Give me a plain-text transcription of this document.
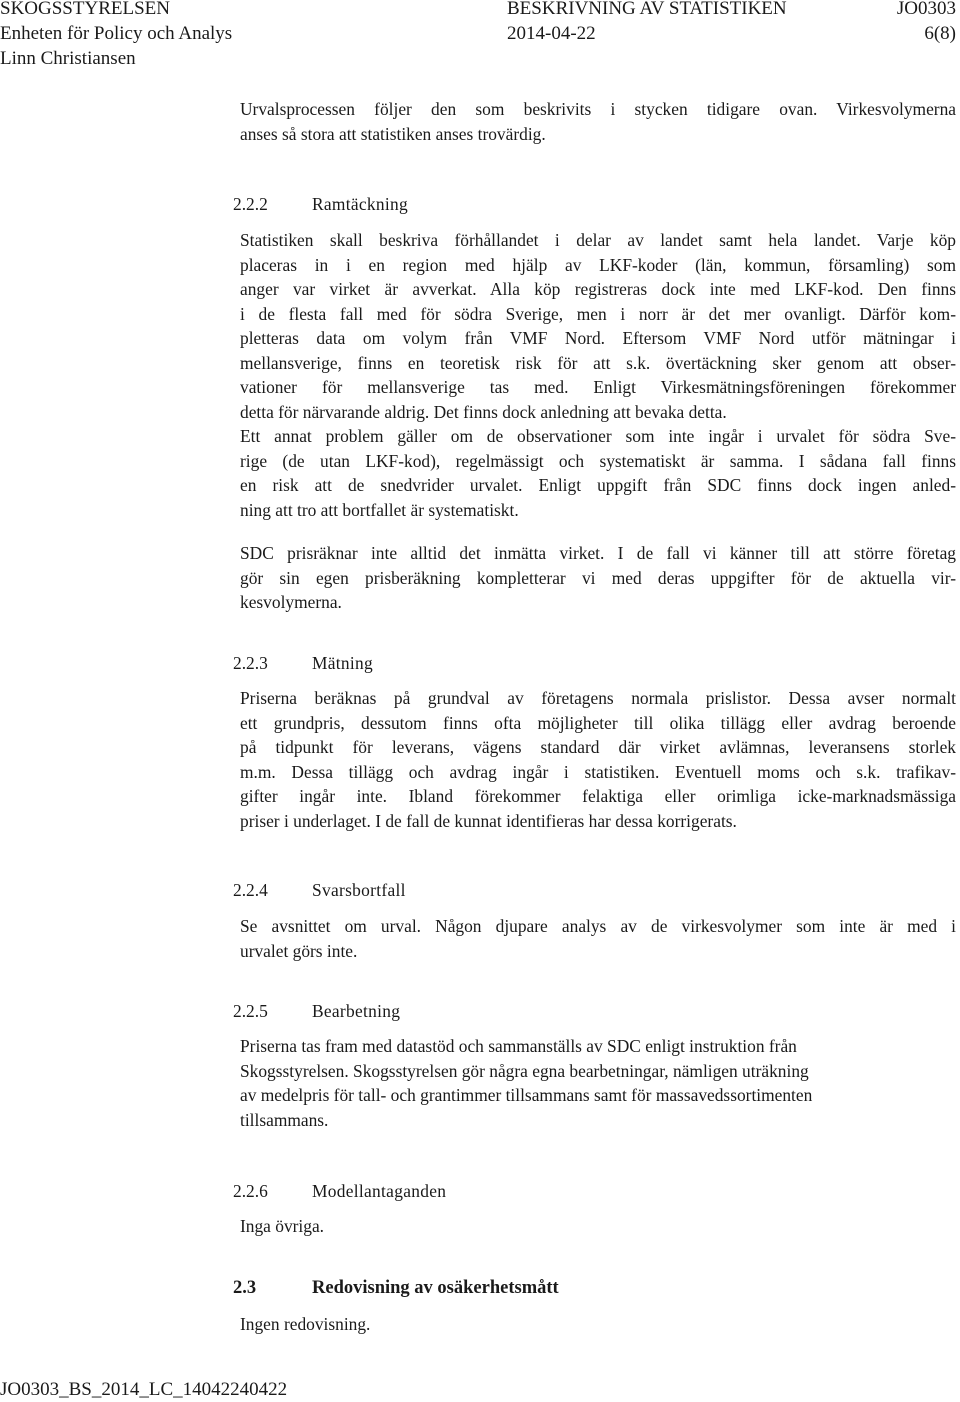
SKOGSSTYRELSEN	BESKRIVNING AV STATISTIKEN	JO0303
Enheten för Policy och Analys	2014-04-22	6(8)
Linn Christiansen
Urvalsprocessen följer den som beskrivits i stycken tidigare ovan. Virkesvolymerna
anses så stora att statistiken anses trovärdig.
2.2.2	Ramtäckning
Statistiken skall beskriva förhållandet i delar av landet samt hela landet. Varje köp
placeras in i en region med hjälp av LKF-koder (län, kommun, församling) som
anger var virket är avverkat. Alla köp registreras dock inte med LKF-kod. Den finns
i de flesta fall med för södra Sverige, men i norr är det mer ovanligt. Därför kom-
pletteras data om volym från VMF Nord. Eftersom VMF Nord utför mätningar i
mellansverige, finns en teoretisk risk för att s.k. övertäckning sker genom att obser-
vationer för mellansverige tas med. Enligt Virkesmätningsföreningen förekommer
detta för närvarande aldrig. Det finns dock anledning att bevaka detta.
Ett annat problem gäller om de observationer som inte ingår i urvalet för södra Sve-
rige (de utan LKF-kod), regelmässigt och systematiskt är samma. I sådana fall finns
en risk att de snedvrider urvalet. Enligt uppgift från SDC finns dock ingen anled-
ning att tro att bortfallet är systematiskt.
SDC prisräknar inte alltid det inmätta virket. I de fall vi känner till att större företag
gör sin egen prisberäkning kompletterar vi med deras uppgifter för de aktuella vir-
kesvolymerna.
2.2.3	Mätning
Priserna beräknas på grundval av företagens normala prislistor. Dessa avser normalt
ett grundpris, dessutom finns ofta möjligheter till olika tillägg eller avdrag beroende
på tidpunkt för leverans, vägens standard där virket avlämnas, leveransens storlek
m.m. Dessa tillägg och avdrag ingår i statistiken. Eventuell moms och s.k. trafikav-
gifter ingår inte. Ibland förekommer felaktiga eller orimliga icke-marknadsmässiga
priser i underlaget. I de fall de kunnat identifieras har dessa korrigerats.
2.2.4	Svarsbortfall
Se avsnittet om urval. Någon djupare analys av de virkesvolymer som inte är med i
urvalet görs inte.
2.2.5	Bearbetning
Priserna tas fram med datastöd och sammanställs av SDC enligt instruktion från
Skogsstyrelsen. Skogsstyrelsen gör några egna bearbetningar, nämligen uträkning
av medelpris för tall- och grantimmer tillsammans samt för massavedssortimenten
tillsammans.
2.2.6	Modellantaganden
Inga övriga.
2.3	Redovisning av osäkerhetsmått
Ingen redovisning.
JO0303_BS_2014_LC_14042240422
